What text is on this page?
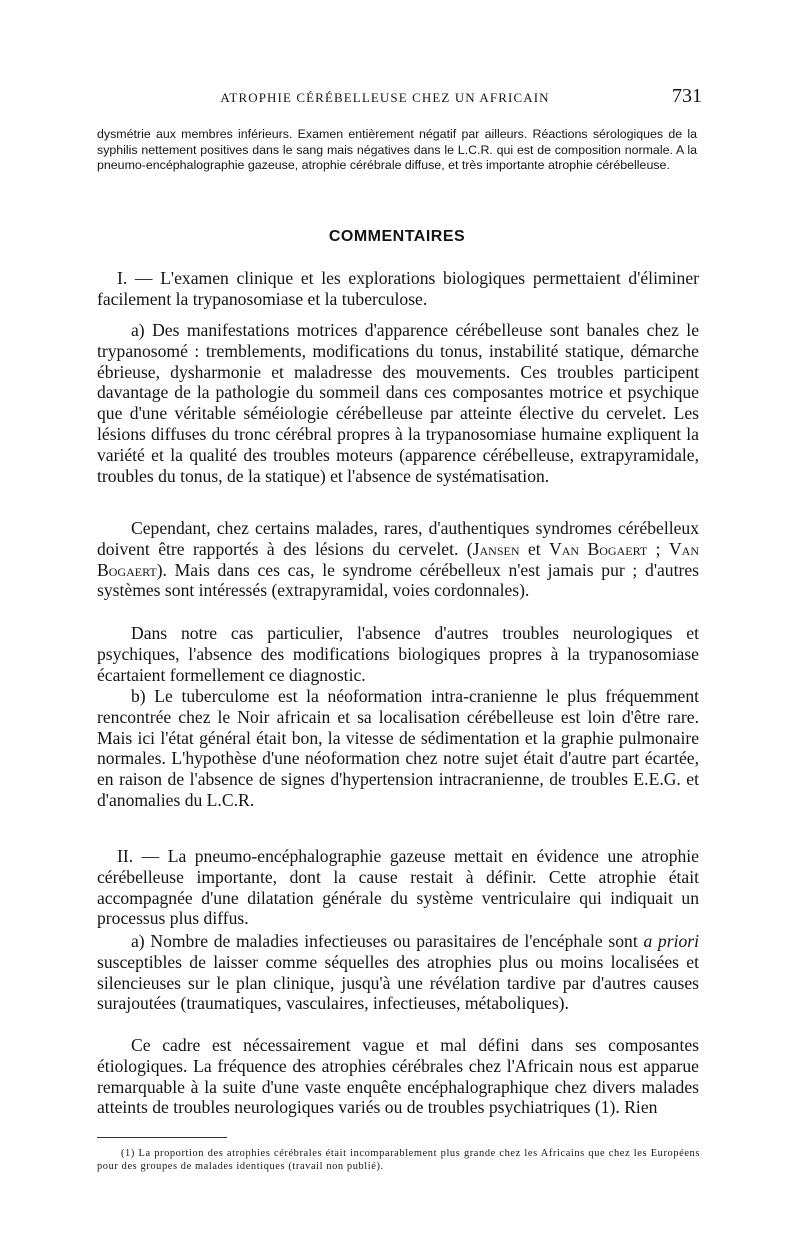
ATROPHIE CÉRÉBELLEUSE CHEZ UN AFRICAIN	731
dysmétrie aux membres inférieurs. Examen entièrement négatif par ailleurs. Réactions sérologiques de la syphilis nettement positives dans le sang mais négatives dans le L.C.R. qui est de composition normale. A la pneumo-encéphalographie gazeuse, atrophie cérébrale diffuse, et très importante atrophie cérébelleuse.
COMMENTAIRES

I. — L'examen clinique et les explorations biologiques permettaient d'éliminer facilement la trypanosomiase et la tuberculose.

a) Des manifestations motrices d'apparence cérébelleuse sont banales chez le trypanosomé : tremblements, modifications du tonus, instabilité statique, démarche ébrieuse, dysharmonie et maladresse des mouvements. Ces troubles participent davantage de la pathologie du sommeil dans ces composantes motrice et psychique que d'une véritable séméiologie cérébelleuse par atteinte élective du cervelet. Les lésions diffuses du tronc cérébral propres à la trypanosomiase humaine expliquent la variété et la qualité des troubles moteurs (apparence cérébelleuse, extrapyramidale, troubles du tonus, de la statique) et l'absence de systématisation.

Cependant, chez certains malades, rares, d'authentiques syndromes cérébelleux doivent être rapportés à des lésions du cervelet. (Jansen et Van Bogaert ; Van Bogaert). Mais dans ces cas, le syndrome cérébelleux n'est jamais pur ; d'autres systèmes sont intéressés (extrapyramidal, voies cordonnales).

Dans notre cas particulier, l'absence d'autres troubles neurologiques et psychiques, l'absence des modifications biologiques propres à la trypanosomiase écartaient formellement ce diagnostic.

b) Le tuberculome est la néoformation intra-cranienne le plus fréquemment rencontrée chez le Noir africain et sa localisation cérébelleuse est loin d'être rare. Mais ici l'état général était bon, la vitesse de sédimentation et la graphie pulmonaire normales. L'hypothèse d'une néoformation chez notre sujet était d'autre part écartée, en raison de l'absence de signes d'hypertension intracranienne, de troubles E.E.G. et d'anomalies du L.C.R.

II. — La pneumo-encéphalographie gazeuse mettait en évidence une atrophie cérébelleuse importante, dont la cause restait à définir. Cette atrophie était accompagnée d'une dilatation générale du système ventriculaire qui indiquait un processus plus diffus.

a) Nombre de maladies infectieuses ou parasitaires de l'encéphale sont a priori susceptibles de laisser comme séquelles des atrophies plus ou moins localisées et silencieuses sur le plan clinique, jusqu'à une révélation tardive par d'autres causes surajoutées (traumatiques, vasculaires, infectieuses, métaboliques).

Ce cadre est nécessairement vague et mal défini dans ses composantes étiologiques. La fréquence des atrophies cérébrales chez l'Africain nous est apparue remarquable à la suite d'une vaste enquête encéphalographique chez divers malades atteints de troubles neurologiques variés ou de troubles psychiatriques (1). Rien

(1) La proportion des atrophies cérébrales était incomparablement plus grande chez les Africains que chez les Européens pour des groupes de malades identiques (travail non publié).
